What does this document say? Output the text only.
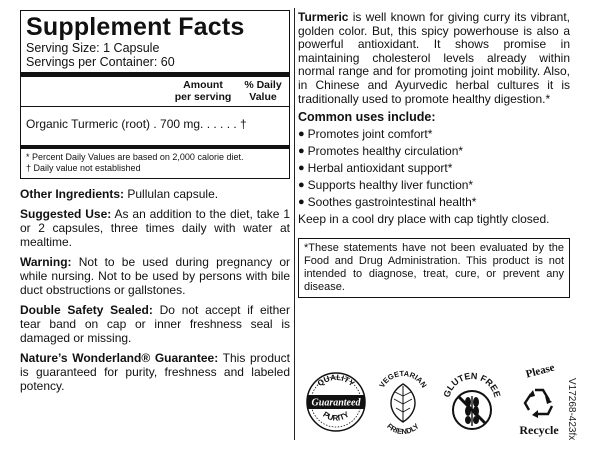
Supplement Facts
Serving Size: 1 Capsule
Servings per Container: 60
Amount
per serving
% Daily
Value
Organic Turmeric (root) . 700 mg. . . . . . †
* Percent Daily Values are based on 2,000 calorie diet.
† Daily value not established
Other Ingredients: Pullulan capsule.
Suggested Use: As an addition to the diet, take 1 or 2 capsules, three times daily with water at mealtime.
Warning: Not to be used during pregnancy or while nursing. Not to be used by persons with bile duct obstructions or gallstones.
Double Safety Sealed: Do not accept if either tear band on cap or inner freshness seal is damaged or missing.
Nature’s Wonderland® Guarantee: This product is guaranteed for purity, freshness and labeled potency.
Turmeric is well known for giving curry its vibrant, golden color. But, this spicy powerhouse is also a powerful antioxidant. It shows promise in maintaining cholesterol levels already within normal range and for promoting joint mobility. Also, in Chinese and Ayurvedic herbal cultures it is traditionally used to promote healthy digestion.*
Common uses include:
● Promotes joint comfort*
● Promotes healthy circulation*
● Herbal antioxidant support*
● Supports healthy liver function*
● Soothes gastrointestinal health*
Keep in a cool dry place with cap tightly closed.
*These statements have not been evaluated by the Food and Drug Administration. This product is not intended to diagnose, treat, cure, or prevent any disease.
QUALITY
Guaranteed
PURITY
VEGETARIAN
FRIENDLY
GLUTEN FREE
Please
Recycle V17268-423fx
